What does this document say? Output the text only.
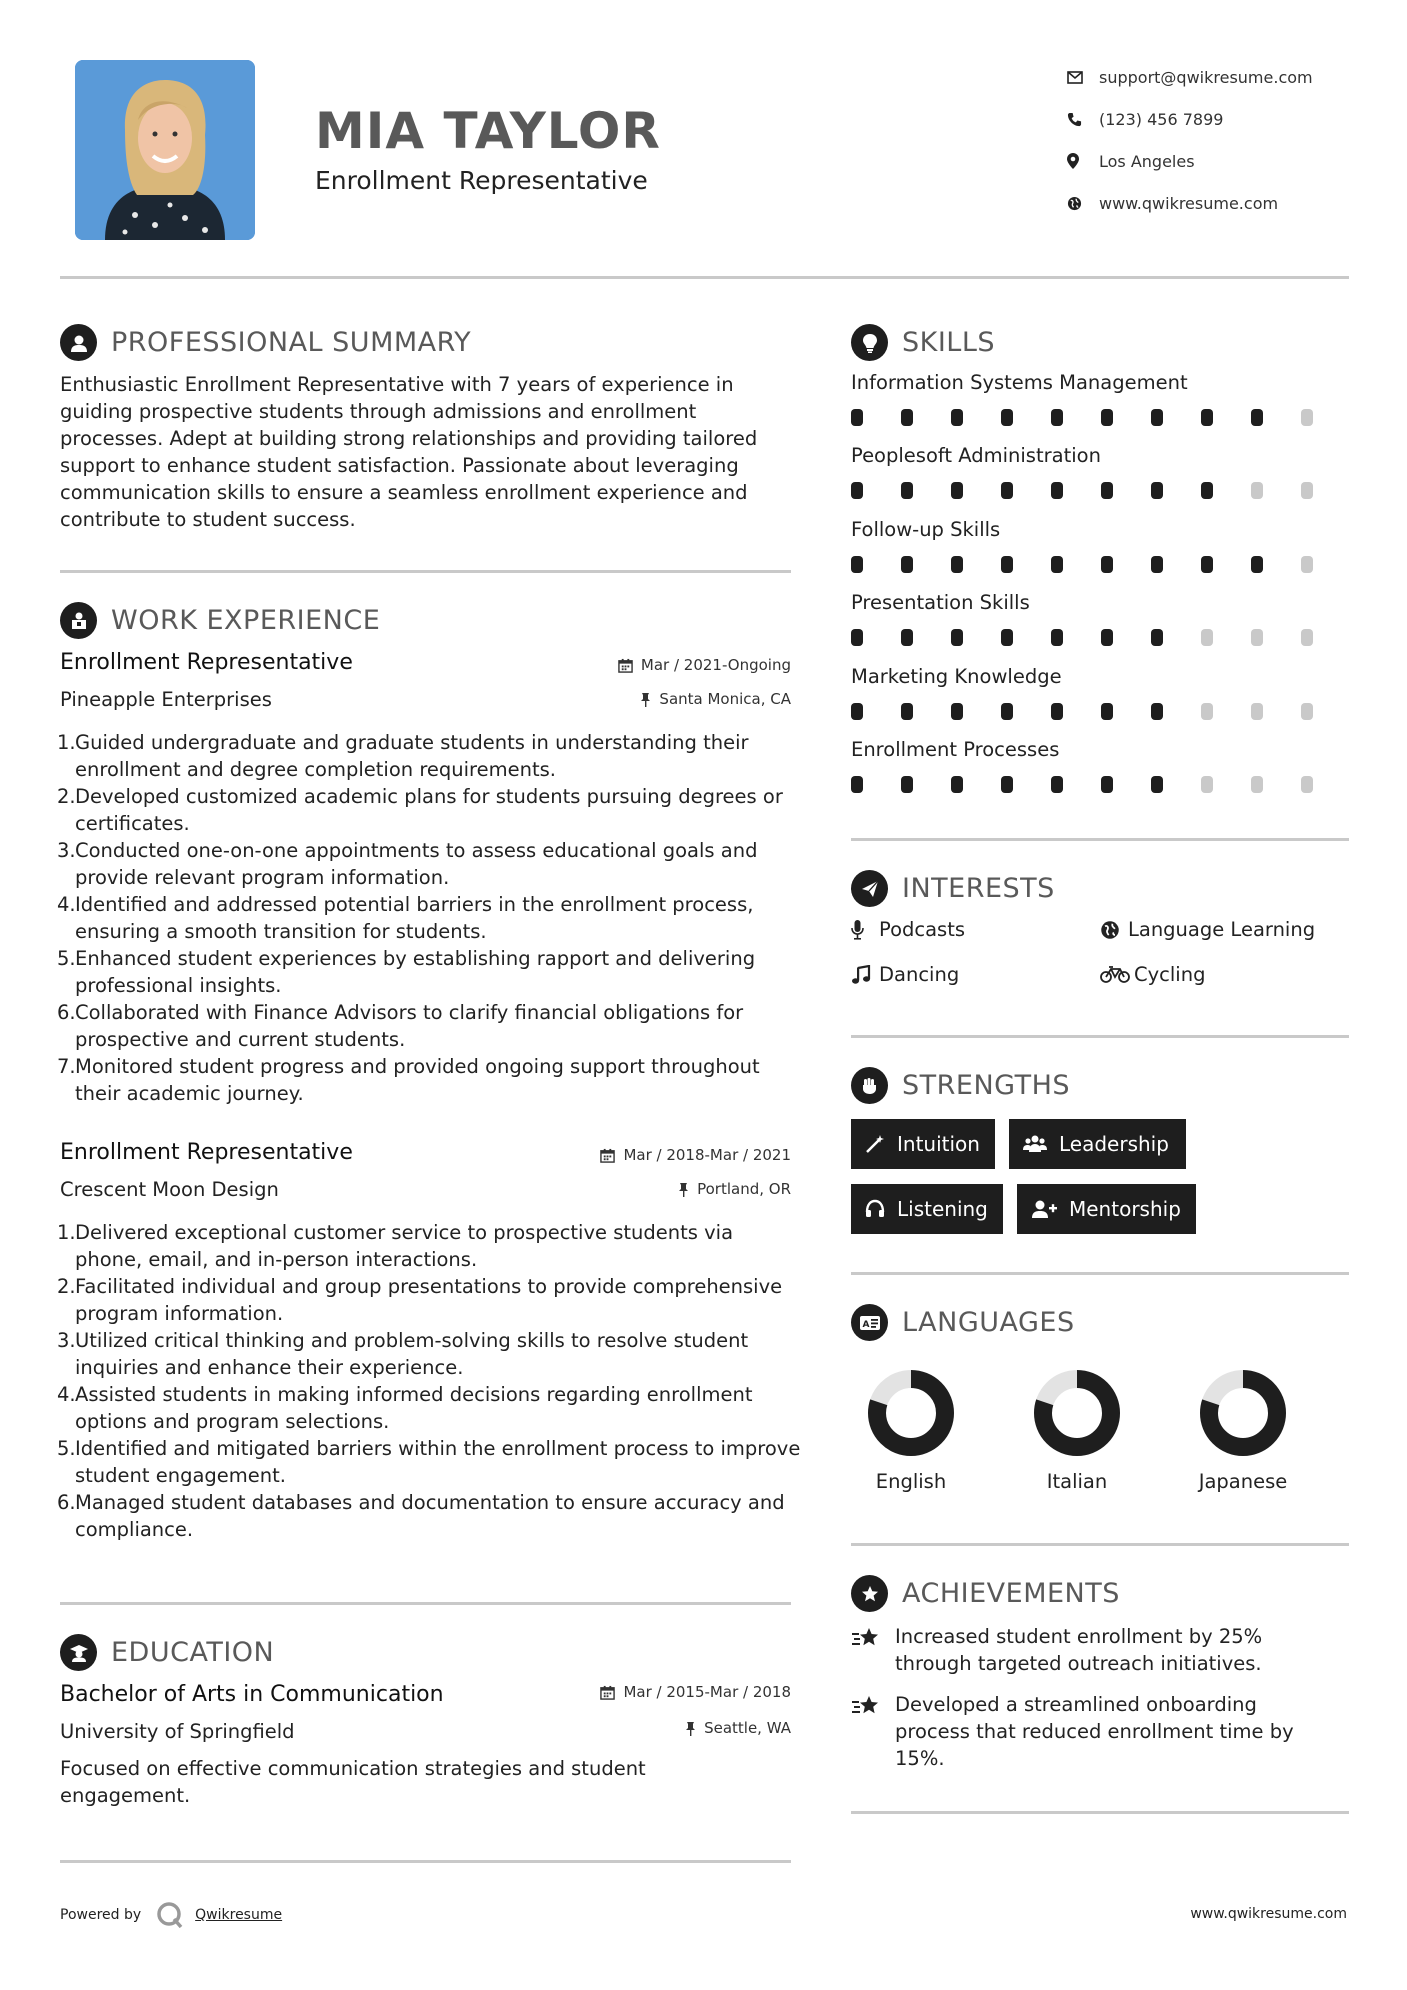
MIA TAYLOR
Enrollment Representative
support@qwikresume.com
(123) 456 7899
Los Angeles
www.qwikresume.com
PROFESSIONAL SUMMARY
Enthusiastic Enrollment Representative with 7 years of experience in guiding prospective students through admissions and enrollment processes. Adept at building strong relationships and providing tailored support to enhance student satisfaction. Passionate about leveraging communication skills to ensure a seamless enrollment experience and contribute to student success.
WORK EXPERIENCE
Enrollment Representative	Mar / 2021-Ongoing
Pineapple Enterprises	Santa Monica, CA
1. Guided undergraduate and graduate students in understanding their enrollment and degree completion requirements.
2. Developed customized academic plans for students pursuing degrees or certificates.
3. Conducted one-on-one appointments to assess educational goals and provide relevant program information.
4. Identified and addressed potential barriers in the enrollment process, ensuring a smooth transition for students.
5. Enhanced student experiences by establishing rapport and delivering professional insights.
6. Collaborated with Finance Advisors to clarify financial obligations for prospective and current students.
7. Monitored student progress and provided ongoing support throughout their academic journey.
Enrollment Representative	Mar / 2018-Mar / 2021
Crescent Moon Design	Portland, OR
1. Delivered exceptional customer service to prospective students via phone, email, and in-person interactions.
2. Facilitated individual and group presentations to provide comprehensive program information.
3. Utilized critical thinking and problem-solving skills to resolve student inquiries and enhance their experience.
4. Assisted students in making informed decisions regarding enrollment options and program selections.
5. Identified and mitigated barriers within the enrollment process to improve student engagement.
6. Managed student databases and documentation to ensure accuracy and compliance.
EDUCATION
Bachelor of Arts in Communication	Mar / 2015-Mar / 2018
University of Springfield	Seattle, WA
Focused on effective communication strategies and student engagement.
SKILLS
Information Systems Management
Peoplesoft Administration
Follow-up Skills
Presentation Skills
Marketing Knowledge
Enrollment Processes
INTERESTS
Podcasts	Language Learning
Dancing	Cycling
STRENGTHS
Intuition	Leadership
Listening	Mentorship
A LANGUAGES
English	Italian	Japanese
ACHIEVEMENTS
Increased student enrollment by 25% through targeted outreach initiatives.
Developed a streamlined onboarding process that reduced enrollment time by 15%.
Powered by	Qwikresume	www.qwikresume.com
